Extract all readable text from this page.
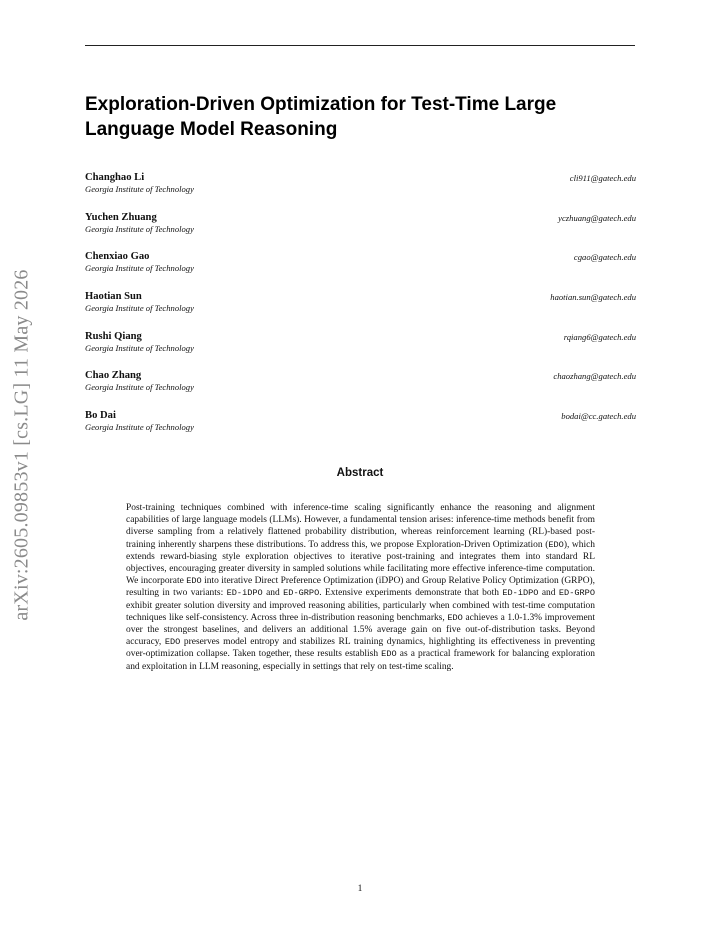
arXiv:2605.09853v1 [cs.LG] 11 May 2026
Exploration-Driven Optimization for Test-Time Large Language Model Reasoning
Changhao Li
Georgia Institute of Technology
cli911@gatech.edu
Yuchen Zhuang
Georgia Institute of Technology
yczhuang@gatech.edu
Chenxiao Gao
Georgia Institute of Technology
cgao@gatech.edu
Haotian Sun
Georgia Institute of Technology
haotian.sun@gatech.edu
Rushi Qiang
Georgia Institute of Technology
rqiang6@gatech.edu
Chao Zhang
Georgia Institute of Technology
chaozhang@gatech.edu
Bo Dai
Georgia Institute of Technology
bodai@cc.gatech.edu
Abstract

Post-training techniques combined with inference-time scaling significantly enhance the reasoning and alignment capabilities of large language models (LLMs). However, a fundamental tension arises: inference-time methods benefit from diverse sampling from a relatively flattened probability distribution, whereas reinforcement learning (RL)-based post-training inherently sharpens these distributions. To address this, we propose Exploration-Driven Optimization (EDO), which extends reward-biasing style exploration objectives to iterative post-training and integrates them into standard RL objectives, encouraging greater diversity in sampled solutions while facilitating more effective inference-time computation. We incorporate EDO into iterative Direct Preference Optimization (iDPO) and Group Relative Policy Optimization (GRPO), resulting in two variants: ED-iDPO and ED-GRPO. Extensive experiments demonstrate that both ED-iDPO and ED-GRPO exhibit greater solution diversity and improved reasoning abilities, particularly when combined with test-time computation techniques like self-consistency. Across three in-distribution reasoning benchmarks, EDO achieves a 1.0-1.3% improvement over the strongest baselines, and delivers an additional 1.5% average gain on five out-of-distribution tasks. Beyond accuracy, EDO preserves model entropy and stabilizes RL training dynamics, highlighting its effectiveness in preventing over-optimization collapse. Taken together, these results establish EDO as a practical framework for balancing exploration and exploitation in LLM reasoning, especially in settings that rely on test-time scaling.

1
